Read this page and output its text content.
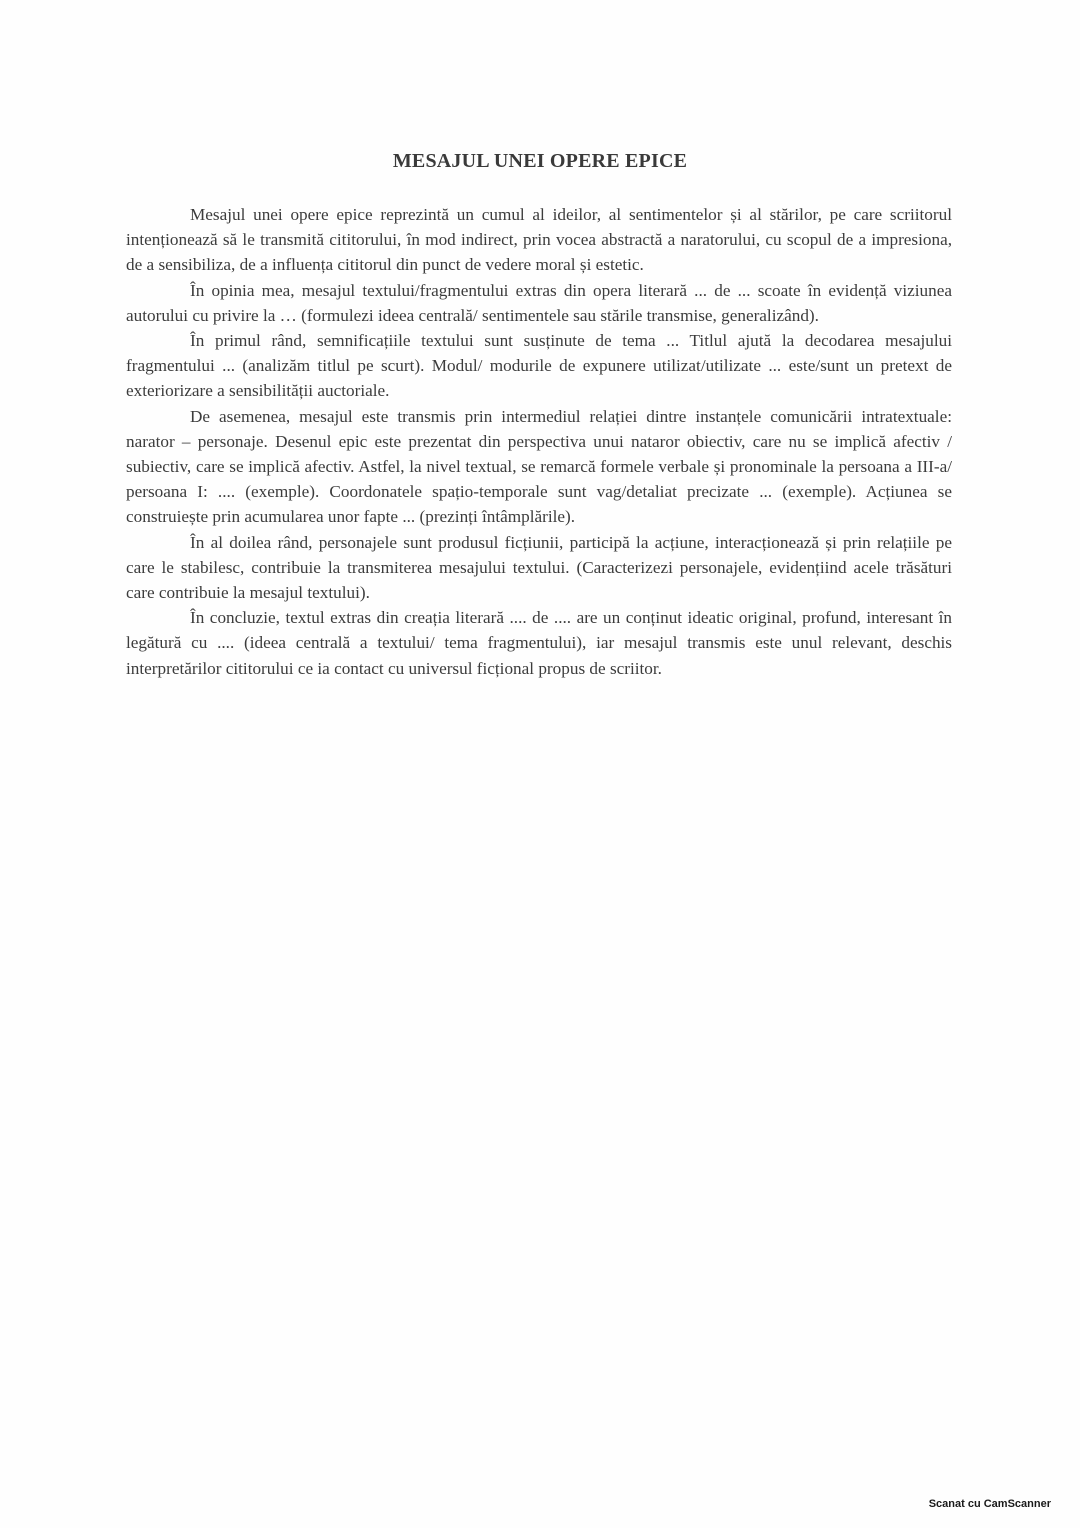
MESAJUL UNEI OPERE EPICE

Mesajul unei opere epice reprezintă un cumul al ideilor, al sentimentelor și al stărilor, pe care scriitorul intenționează să le transmită cititorului, în mod indirect, prin vocea abstractă a naratorului, cu scopul de a impresiona, de a sensibiliza, de a influența cititorul din punct de vedere moral și estetic.

În opinia mea, mesajul textului/fragmentului extras din opera literară ... de ... scoate în evidență viziunea autorului cu privire la … (formulezi ideea centrală/ sentimentele sau stările transmise, generalizând).

În primul rând, semnificațiile textului sunt susținute de tema ... Titlul ajută la decodarea mesajului fragmentului ... (analizăm titlul pe scurt). Modul/ modurile de expunere utilizat/utilizate ... este/sunt un pretext de exteriorizare a sensibilității auctoriale.

De asemenea, mesajul este transmis prin intermediul relației dintre instanțele comunicării intratextuale: narator – personaje. Desenul epic este prezentat din perspectiva unui nataror obiectiv, care nu se implică afectiv / subiectiv, care se implică afectiv. Astfel, la nivel textual, se remarcă formele verbale și pronominale la persoana a III-a/ persoana I: .... (exemple). Coordonatele spațio-temporale sunt vag/detaliat precizate ... (exemple). Acțiunea se construiește prin acumularea unor fapte ... (prezinți întâmplările).

În al doilea rând, personajele sunt produsul ficțiunii, participă la acțiune, interacționează și prin relațiile pe care le stabilesc, contribuie la transmiterea mesajului textului. (Caracterizezi personajele, evidențiind acele trăsături care contribuie la mesajul textului).

În concluzie, textul extras din creația literară .... de .... are un conținut ideatic original, profund, interesant în legătură cu .... (ideea centrală a textului/ tema fragmentului), iar mesajul transmis este unul relevant, deschis interpretărilor cititorului ce ia contact cu universul ficțional propus de scriitor.

Scanat cu CamScanner
